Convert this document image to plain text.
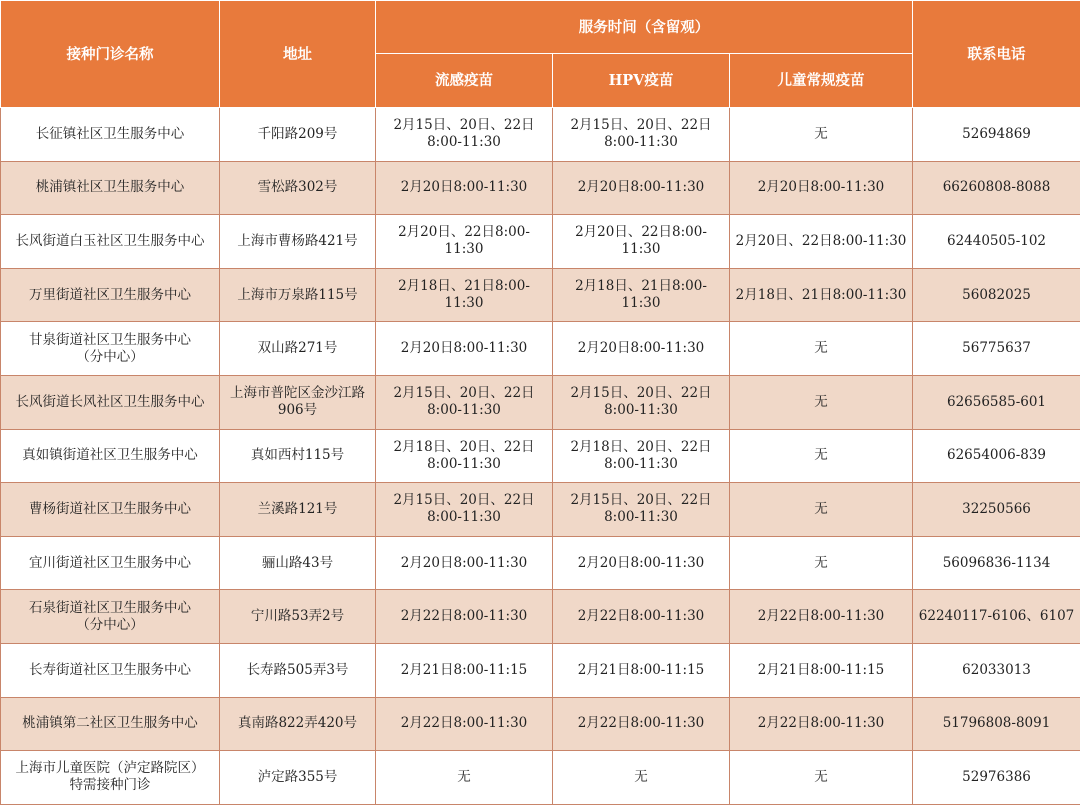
接种门诊名称	地址	服务时间（含留观）			联系电话
		流感疫苗	HPV疫苗	儿童常规疫苗	

长征镇社区卫生服务中心	千阳路209号	2月15日、20日、22日
8:00-11:30	2月15日、20日、22日
8:00-11:30	无	52694869

桃浦镇社区卫生服务中心	雪松路302号	2月20日8:00-11:30	2月20日8:00-11:30	2月20日8:00-11:30	66260808-8088

长风街道白玉社区卫生服务中心	上海市曹杨路421号	2月20日、22日8:00-
11:30	2月20日、22日8:00-
11:30	2月20日、22日8:00-11:30	62440505-102

万里街道社区卫生服务中心	上海市万泉路115号	2月18日、21日8:00-
11:30	2月18日、21日8:00-
11:30	2月18日、21日8:00-11:30	56082025

甘泉街道社区卫生服务中心
（分中心）	双山路271号	2月20日8:00-11:30	2月20日8:00-11:30	无	56775637

长风街道长风社区卫生服务中心	上海市普陀区金沙江路
906号	2月15日、20日、22日
8:00-11:30	2月15日、20日、22日
8:00-11:30	无	62656585-601

真如镇街道社区卫生服务中心	真如西村115号	2月18日、20日、22日
8:00-11:30	2月18日、20日、22日
8:00-11:30	无	62654006-839

曹杨街道社区卫生服务中心	兰溪路121号	2月15日、20日、22日
8:00-11:30	2月15日、20日、22日
8:00-11:30	无	32250566

宜川街道社区卫生服务中心	骊山路43号	2月20日8:00-11:30	2月20日8:00-11:30	无	56096836-1134

石泉街道社区卫生服务中心
（分中心）	宁川路53弄2号	2月22日8:00-11:30	2月22日8:00-11:30	2月22日8:00-11:30	62240117-6106、6107

长寿街道社区卫生服务中心	长寿路505弄3号	2月21日8:00-11:15	2月21日8:00-11:15	2月21日8:00-11:15	62033013

桃浦镇第二社区卫生服务中心	真南路822弄420号	2月22日8:00-11:30	2月22日8:00-11:30	2月22日8:00-11:30	51796808-8091

上海市儿童医院（泸定路院区）
特需接种门诊	泸定路355号	无	无	无	52976386
